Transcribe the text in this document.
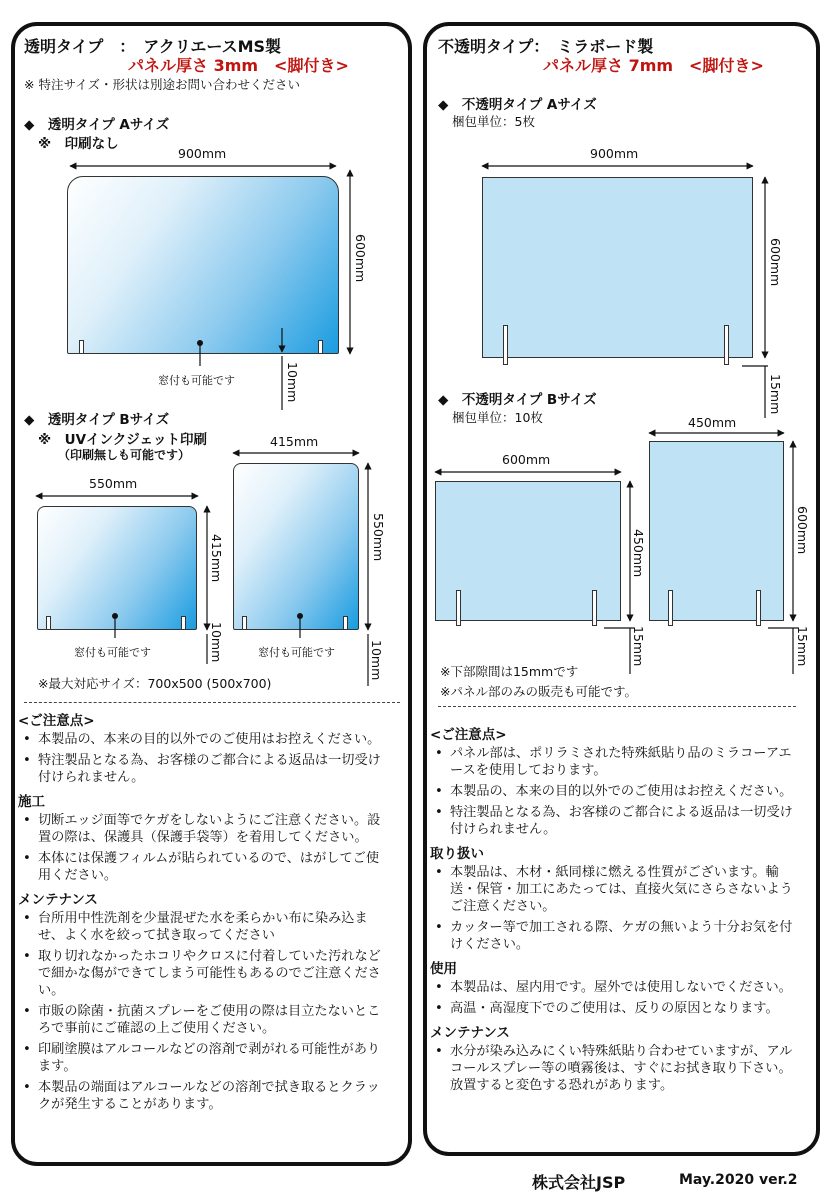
透明タイプ　：　アクリエースMS製
パネル厚さ 3mm　<脚付き>
※ 特注サイズ・形状は別途お問い合わせください
◆　透明タイプ Aサイズ
※　印刷なし
900mm
窓付も可能です
600mm
10mm
◆　透明タイプ Bサイズ
※　UVインクジェット印刷
（印刷無しも可能です）
550mm
窓付も可能です
415mm
10mm
415mm
窓付も可能です
550mm
10mm
※最大対応サイズ：700x500 (500x700)
<ご注意点>
• 本製品の、本来の目的以外でのご使用はお控えください。
• 特注製品となる為、お客様のご都合による返品は一切受け付けられません。
施工
• 切断エッジ面等でケガをしないようにご注意ください。設置の際は、保護具（保護手袋等）を着用してください。
• 本体には保護フィルムが貼られているので、はがしてご使用ください。
メンテナンス
• 台所用中性洗剤を少量混ぜた水を柔らかい布に染み込ませ、よく水を絞って拭き取ってください
• 取り切れなかったホコリやクロスに付着していた汚れなどで細かな傷ができてしまう可能性もあるのでご注意ください。
• 市販の除菌・抗菌スプレーをご使用の際は目立たないところで事前にご確認の上ご使用ください。
• 印刷塗膜はアルコールなどの溶剤で剥がれる可能性があります。
• 本製品の端面はアルコールなどの溶剤で拭き取るとクラックが発生することがあります。
不透明タイプ：　ミラボード製
パネル厚さ 7mm　<脚付き>
◆　不透明タイプ Aサイズ
梱包単位：5枚
900mm
600mm
15mm
◆　不透明タイプ Bサイズ
梱包単位：10枚
600mm
450mm
15mm
450mm
600mm
15mm
※下部隙間は15mmです
※パネル部のみの販売も可能です。
<ご注意点>
• パネル部は、ポリラミされた特殊紙貼り品のミラコーアエースを使用しております。
• 本製品の、本来の目的以外でのご使用はお控えください。
• 特注製品となる為、お客様のご都合による返品は一切受け付けられません。
取り扱い
• 本製品は、木材・紙同様に燃える性質がございます。輸送・保管・加工にあたっては、直接火気にさらさないようご注意ください。
• カッター等で加工される際、ケガの無いよう十分お気を付けください。
使用
• 本製品は、屋内用です。屋外では使用しないでください。
• 高温・高湿度下でのご使用は、反りの原因となります。
メンテナンス
• 水分が染み込みにくい特殊紙貼り合わせていますが、アルコールスプレー等の噴霧後は、すぐにお拭き取り下さい。放置すると変色する恐れがあります。
株式会社JSP	May.2020 ver.2
